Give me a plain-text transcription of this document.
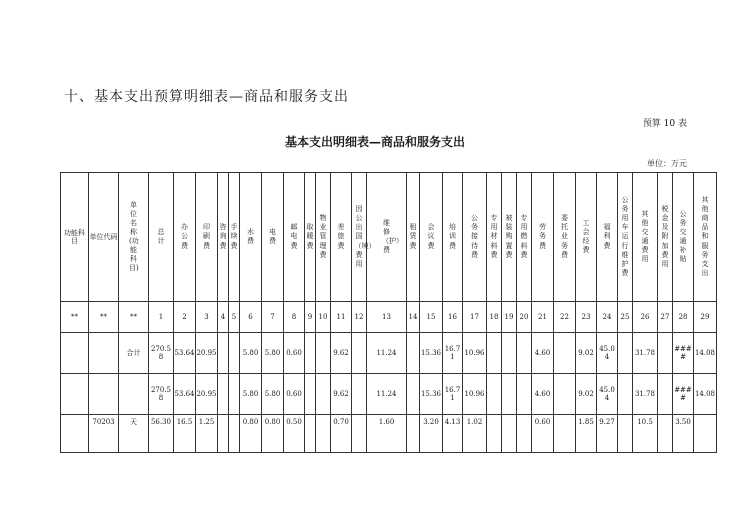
十、基本支出预算明细表—商品和服务支出
预算 10 表
基本支出明细表—商品和服务支出
单位：万元
功能科目	单位代码	单位名称(功能科目)	总计	办公费	印刷费	咨询费	手续费	水费	电费	邮电费	取暖费	物业管理费	差旅费	因公出国（境）费用	维修（护）费	租赁费	会议费	培训费	公务接待费	专用材料费	被装购置费	专用燃料费	劳务费	委托业务费	工会经费	福利费	公务用车运行维护费	其他交通费用	税金及附加费用	公务交通补贴	其他商品和服务支出
**	**	**	1	2	3	4	5	6	7	8	9	10	11	12	13	14	15	16	17	18	19	20	21	22	23	24	25	26	27	28	29
		合计	270.58	53.64	20.95			5.80	5.80	0.60			9.62		11.24		15.36	16.71	10.96				4.60		9.02	45.04		31.78		####	14.08
			270.58	53.64	20.95			5.80	5.80	0.60			9.62		11.24		15.36	16.71	10.96				4.60		9.02	45.04		31.78		####	14.08
	70203	天	56.30	16.5	1.25			0.80	0.80	0.50			0.70		1.60		3.20	4.13	1.02				0.60		1.85	9.27		10.5		3.50	
